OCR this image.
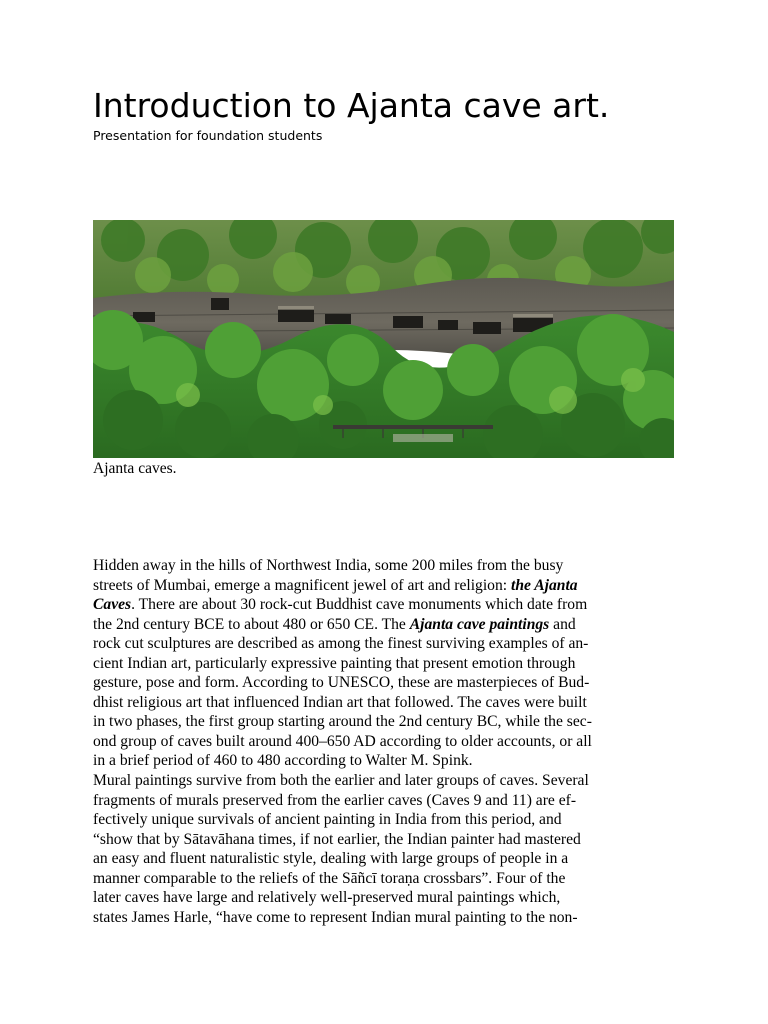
Introduction to Ajanta cave art.
Presentation for foundation students
Ajanta caves.
Hidden away in the hills of Northwest India, some 200 miles from the busy
streets of Mumbai, emerge a magnificent jewel of art and religion: the Ajanta
Caves. There are about 30 rock-cut Buddhist cave monuments which date from
the 2nd century BCE to about 480 or 650 CE. The Ajanta cave paintings and
rock cut sculptures are described as among the finest surviving examples of an-
cient Indian art, particularly expressive painting that present emotion through
gesture, pose and form. According to UNESCO, these are masterpieces of Bud-
dhist religious art that influenced Indian art that followed. The caves were built
in two phases, the first group starting around the 2nd century BC, while the sec-
ond group of caves built around 400–650 AD according to older accounts, or all
in a brief period of 460 to 480 according to Walter M. Spink.
Mural paintings survive from both the earlier and later groups of caves. Several
fragments of murals preserved from the earlier caves (Caves 9 and 11) are ef-
fectively unique survivals of ancient painting in India from this period, and
“show that by Sātavāhana times, if not earlier, the Indian painter had mastered
an easy and fluent naturalistic style, dealing with large groups of people in a
manner comparable to the reliefs of the Sāñcī toraṇa crossbars”. Four of the
later caves have large and relatively well-preserved mural paintings which,
states James Harle, “have come to represent Indian mural painting to the non-
